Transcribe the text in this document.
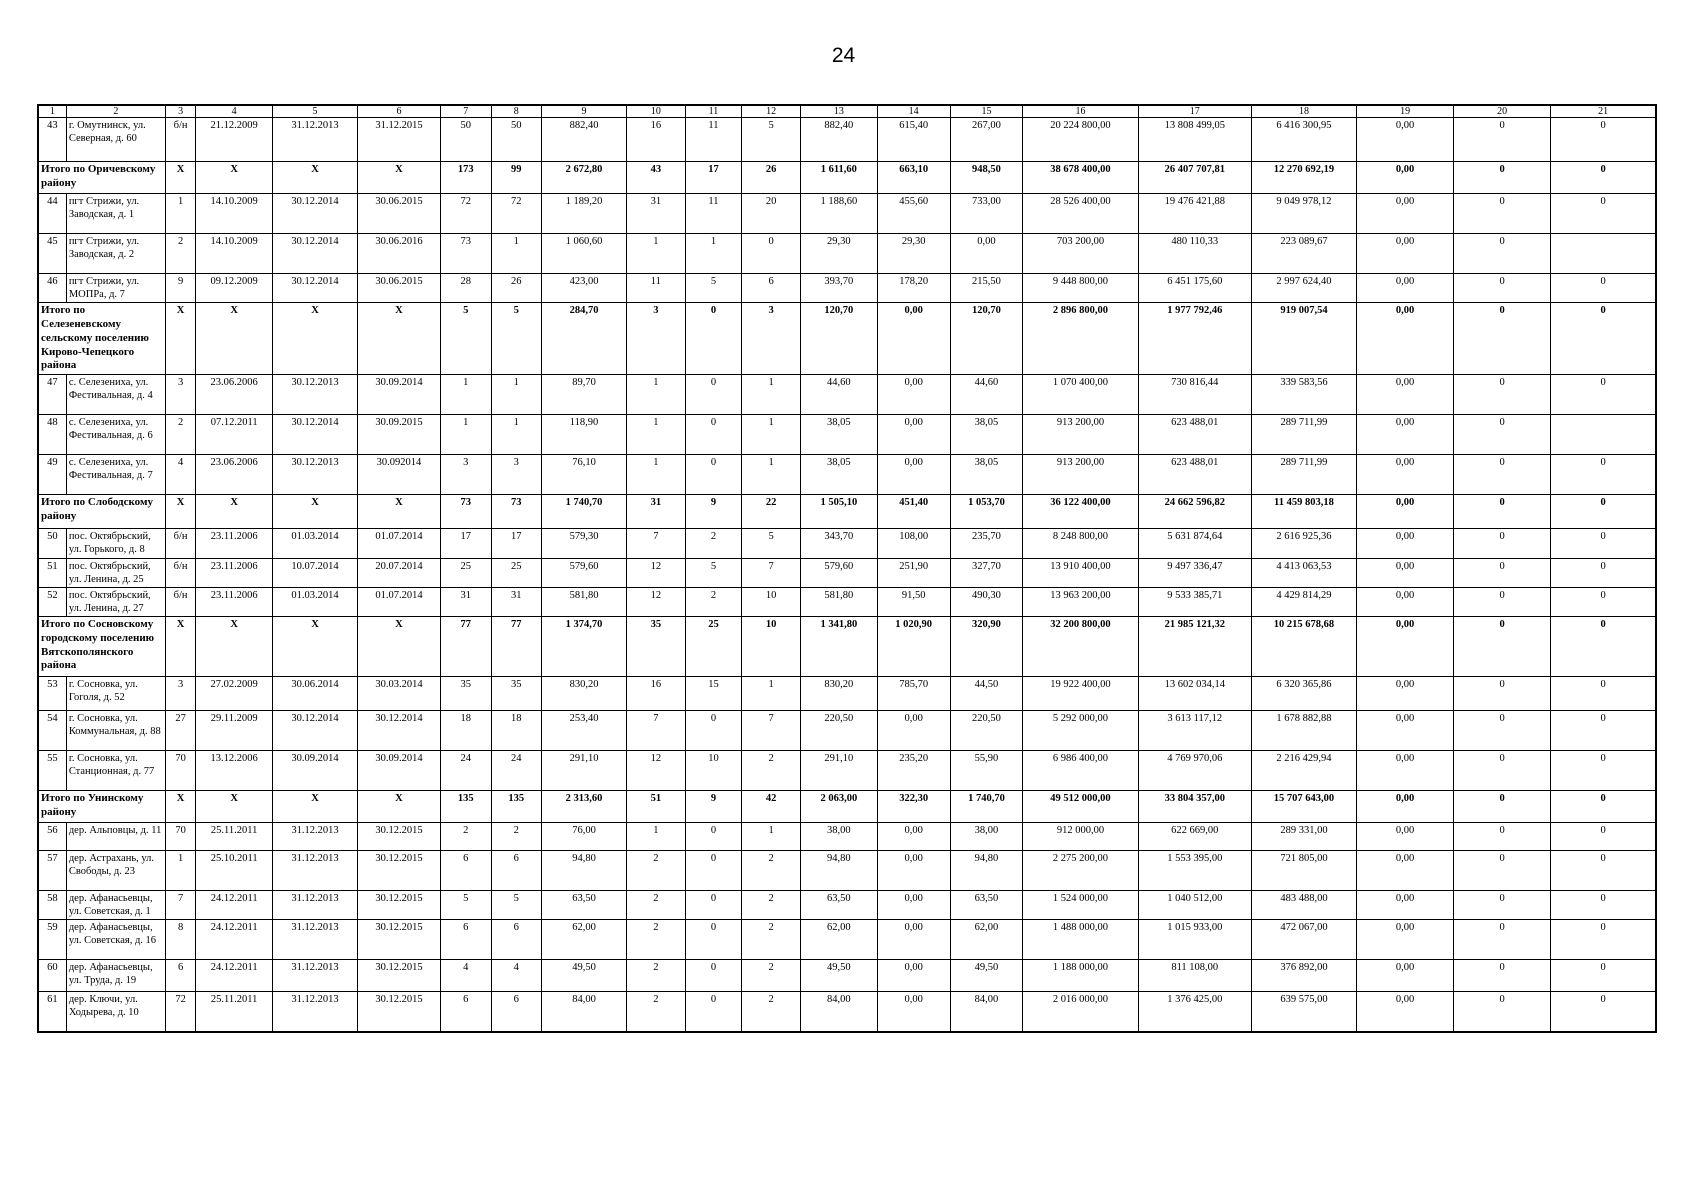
24
1	2	3	4	5	6	7	8	9	10	11	12	13	14	15	16	17	18	19	20	21
43	г. Омутнинск, ул. Северная, д. 60	б/н	21.12.2009	31.12.2013	31.12.2015	50	50	882,40	16	11	5	882,40	615,40	267,00	20 224 800,00	13 808 499,05	6 416 300,95	0,00	0	0
Итого по Оричевскому району		Х	Х	Х	Х	173	99	2 672,80	43	17	26	1 611,60	663,10	948,50	38 678 400,00	26 407 707,81	12 270 692,19	0,00	0	0
44	пгт Стрижи, ул. Заводская, д. 1	1	14.10.2009	30.12.2014	30.06.2015	72	72	1 189,20	31	11	20	1 188,60	455,60	733,00	28 526 400,00	19 476 421,88	9 049 978,12	0,00	0	0
45	пгт Стрижи, ул. Заводская, д. 2	2	14.10.2009	30.12.2014	30.06.2016	73	1	1 060,60	1	1	0	29,30	29,30	0,00	703 200,00	480 110,33	223 089,67	0,00	0	
46	пгт Стрижи, ул. МОПРа, д. 7	9	09.12.2009	30.12.2014	30.06.2015	28	26	423,00	11	5	6	393,70	178,20	215,50	9 448 800,00	6 451 175,60	2 997 624,40	0,00	0	0
Итого по Селезеневскому сельскому поселению Кирово-Чепецкого района		Х	Х	Х	Х	5	5	284,70	3	0	3	120,70	0,00	120,70	2 896 800,00	1 977 792,46	919 007,54	0,00	0	0
47	с. Селезениха, ул. Фестивальная, д. 4	3	23.06.2006	30.12.2013	30.09.2014	1	1	89,70	1	0	1	44,60	0,00	44,60	1 070 400,00	730 816,44	339 583,56	0,00	0	0
48	с. Селезениха, ул. Фестивальная, д. 6	2	07.12.2011	30.12.2014	30.09.2015	1	1	118,90	1	0	1	38,05	0,00	38,05	913 200,00	623 488,01	289 711,99	0,00	0	
49	с. Селезениха, ул. Фестивальная, д. 7	4	23.06.2006	30.12.2013	30.092014	3	3	76,10	1	0	1	38,05	0,00	38,05	913 200,00	623 488,01	289 711,99	0,00	0	0
Итого по Слободскому району		Х	Х	Х	Х	73	73	1 740,70	31	9	22	1 505,10	451,40	1 053,70	36 122 400,00	24 662 596,82	11 459 803,18	0,00	0	0
50	пос. Октябрьский, ул. Горького, д. 8	б/н	23.11.2006	01.03.2014	01.07.2014	17	17	579,30	7	2	5	343,70	108,00	235,70	8 248 800,00	5 631 874,64	2 616 925,36	0,00	0	0
51	пос. Октябрьский, ул. Ленина, д. 25	б/н	23.11.2006	10.07.2014	20.07.2014	25	25	579,60	12	5	7	579,60	251,90	327,70	13 910 400,00	9 497 336,47	4 413 063,53	0,00	0	0
52	пос. Октябрьский, ул. Ленина, д. 27	б/н	23.11.2006	01.03.2014	01.07.2014	31	31	581,80	12	2	10	581,80	91,50	490,30	13 963 200,00	9 533 385,71	4 429 814,29	0,00	0	0
Итого по Сосновскому городскому поселению Вятскополянского района		Х	Х	Х	Х	77	77	1 374,70	35	25	10	1 341,80	1 020,90	320,90	32 200 800,00	21 985 121,32	10 215 678,68	0,00	0	0
53	г. Сосновка, ул. Гоголя, д. 52	3	27.02.2009	30.06.2014	30.03.2014	35	35	830,20	16	15	1	830,20	785,70	44,50	19 922 400,00	13 602 034,14	6 320 365,86	0,00	0	0
54	г. Сосновка, ул. Коммунальная, д. 88	27	29.11.2009	30.12.2014	30.12.2014	18	18	253,40	7	0	7	220,50	0,00	220,50	5 292 000,00	3 613 117,12	1 678 882,88	0,00	0	0
55	г. Сосновка, ул. Станционная, д. 77	70	13.12.2006	30.09.2014	30.09.2014	24	24	291,10	12	10	2	291,10	235,20	55,90	6 986 400,00	4 769 970,06	2 216 429,94	0,00	0	0
Итого по Унинскому району		Х	Х	Х	Х	135	135	2 313,60	51	9	42	2 063,00	322,30	1 740,70	49 512 000,00	33 804 357,00	15 707 643,00	0,00	0	0
56	дер. Альповцы, д. 11	70	25.11.2011	31.12.2013	30.12.2015	2	2	76,00	1	0	1	38,00	0,00	38,00	912 000,00	622 669,00	289 331,00	0,00	0	0
57	дер. Астрахань, ул. Свободы, д. 23	1	25.10.2011	31.12.2013	30.12.2015	6	6	94,80	2	0	2	94,80	0,00	94,80	2 275 200,00	1 553 395,00	721 805,00	0,00	0	0
58	дер. Афанасьевцы, ул. Советская, д. 1	7	24.12.2011	31.12.2013	30.12.2015	5	5	63,50	2	0	2	63,50	0,00	63,50	1 524 000,00	1 040 512,00	483 488,00	0,00	0	0
59	дер. Афанасьевцы, ул. Советская, д. 16	8	24.12.2011	31.12.2013	30.12.2015	6	6	62,00	2	0	2	62,00	0,00	62,00	1 488 000,00	1 015 933,00	472 067,00	0,00	0	0
60	дер. Афанасьевцы, ул. Труда, д. 19	6	24.12.2011	31.12.2013	30.12.2015	4	4	49,50	2	0	2	49,50	0,00	49,50	1 188 000,00	811 108,00	376 892,00	0,00	0	0
61	дер. Ключи, ул. Ходырева, д. 10	72	25.11.2011	31.12.2013	30.12.2015	6	6	84,00	2	0	2	84,00	0,00	84,00	2 016 000,00	1 376 425,00	639 575,00	0,00	0	0
